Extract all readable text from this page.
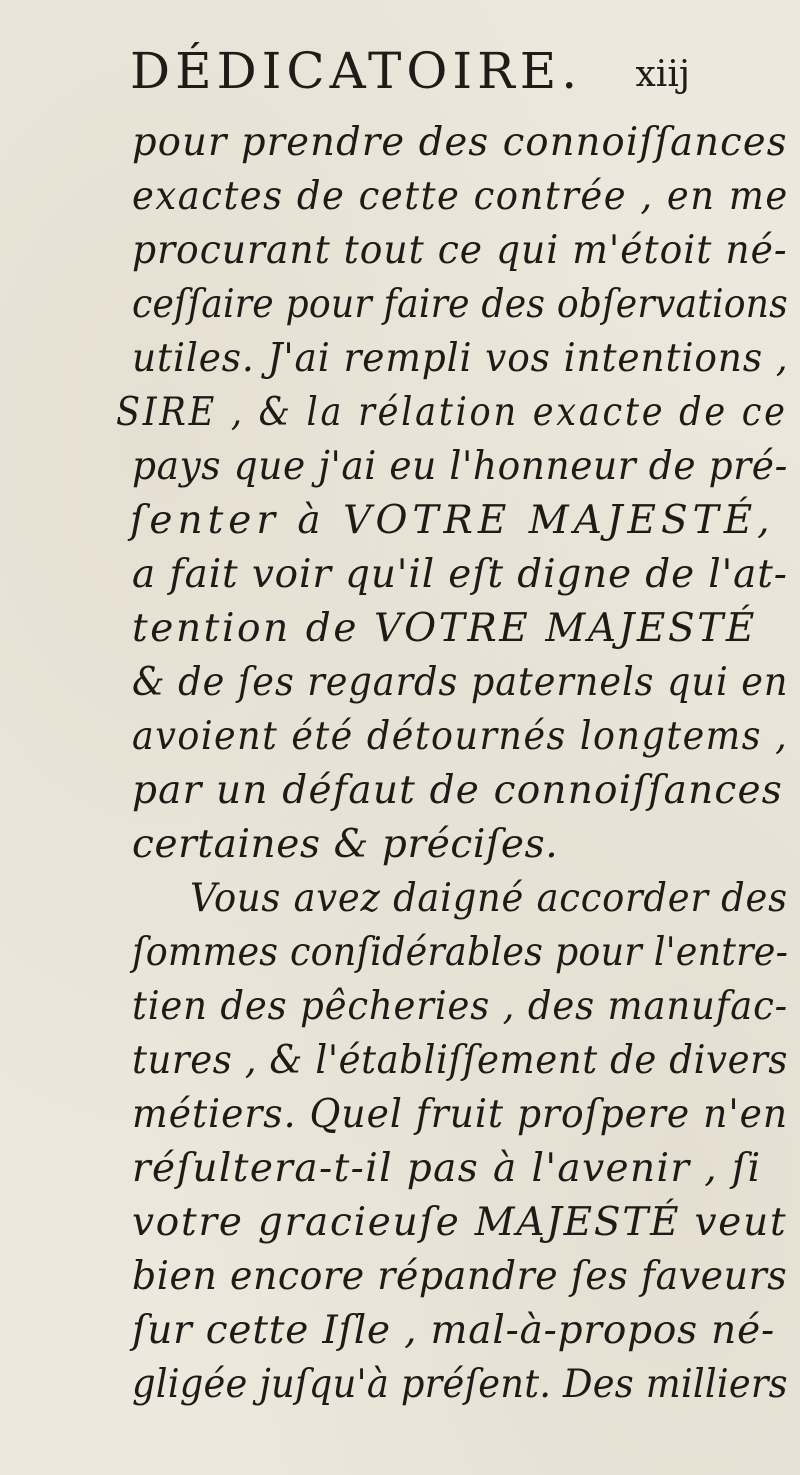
DÉDICATOIRE. xiij
pour prendre des connoiſſances
exactes de cette contrée , en me
procurant tout ce qui m'étoit né-
ceſſaire pour faire des obſervations
utiles. J'ai rempli vos intentions ,
SIRE , & la rélation exacte de ce
pays que j'ai eu l'honneur de pré-
ſenter à VOTRE MAJESTÉ,
a fait voir qu'il eſt digne de l'at-
tention de VOTRE MAJESTÉ
& de ſes regards paternels qui en
avoient été détournés longtems ,
par un défaut de connoiſſances
certaines & préciſes.
Vous avez daigné accorder des
ſommes conſidérables pour l'entre-
tien des pêcheries , des manufac-
tures , & l'établiſſement de divers
métiers. Quel fruit proſpere n'en
réſultera-t-il pas à l'avenir , ſi
votre gracieuſe MAJESTÉ veut
bien encore répandre ſes faveurs
ſur cette Iſle , mal-à-propos né-
gligée juſqu'à préſent. Des milliers
